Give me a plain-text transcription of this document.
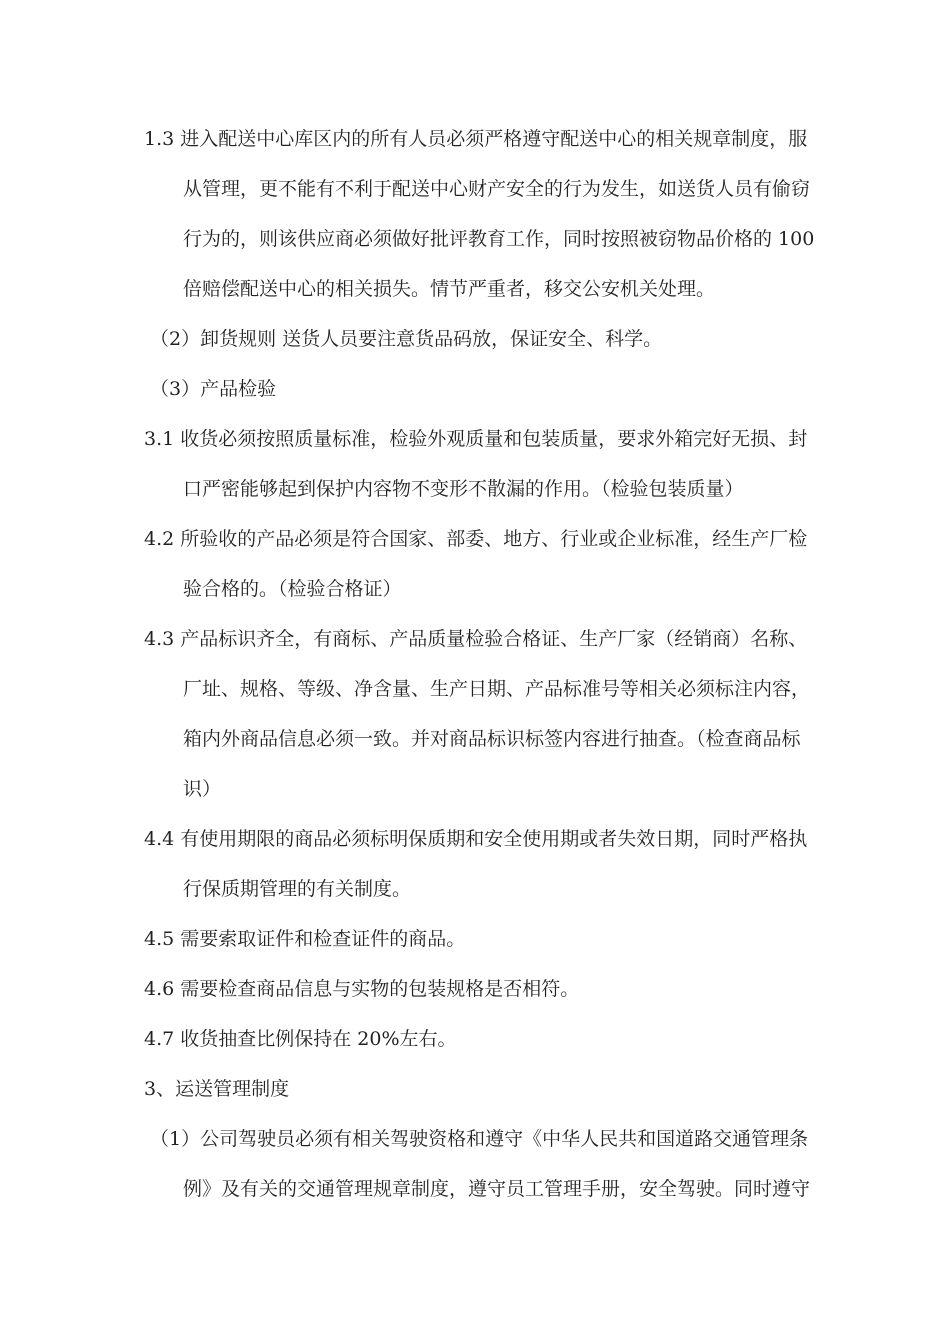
1.3 进入配送中心库区内的所有人员必须严格遵守配送中心的相关规章制度，服
从管理，更不能有不利于配送中心财产安全的行为发生，如送货人员有偷窃
行为的，则该供应商必须做好批评教育工作，同时按照被窃物品价格的 100
倍赔偿配送中心的相关损失。情节严重者，移交公安机关处理。
（2）卸货规则 送货人员要注意货品码放，保证安全、科学。
（3）产品检验
3.1 收货必须按照质量标准，检验外观质量和包装质量，要求外箱完好无损、封
口严密能够起到保护内容物不变形不散漏的作用。（检验包装质量）
4.2 所验收的产品必须是符合国家、部委、地方、行业或企业标准，经生产厂检
验合格的。（检验合格证）
4.3 产品标识齐全，有商标、产品质量检验合格证、生产厂家（经销商）名称、
厂址、规格、等级、净含量、生产日期、产品标准号等相关必须标注内容，
箱内外商品信息必须一致。并对商品标识标签内容进行抽查。（检查商品标
识）
4.4 有使用期限的商品必须标明保质期和安全使用期或者失效日期，同时严格执
行保质期管理的有关制度。
4.5 需要索取证件和检查证件的商品。
4.6 需要检查商品信息与实物的包装规格是否相符。
4.7 收货抽查比例保持在 20%左右。
3、运送管理制度
（1）公司驾驶员必须有相关驾驶资格和遵守《中华人民共和国道路交通管理条
例》及有关的交通管理规章制度，遵守员工管理手册，安全驾驶。同时遵守
